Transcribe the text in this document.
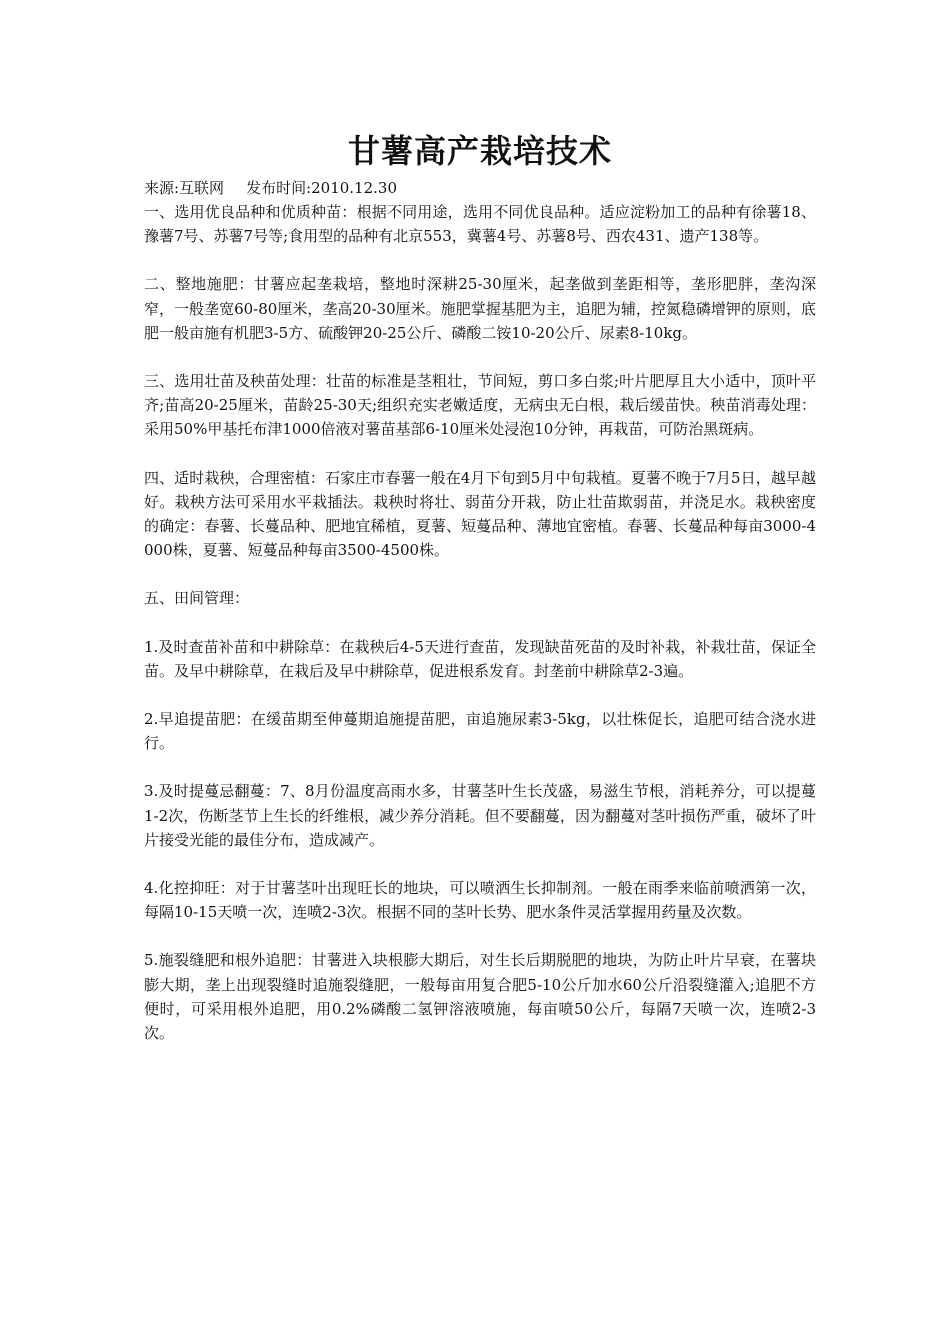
甘薯高产栽培技术

来源:互联网 发布时间:2010.12.30

一、选用优良品种和优质种苗：根据不同用途，选用不同优良品种。适应淀粉加工的品种有徐薯18、豫薯7号、苏薯7号等;食用型的品种有北京553，冀薯4号、苏薯8号、西农431、遗产138等。

二、整地施肥：甘薯应起垄栽培，整地时深耕25-30厘米，起垄做到垄距相等，垄形肥胖，垄沟深窄，一般垄宽60-80厘米，垄高20-30厘米。施肥掌握基肥为主，追肥为辅，控氮稳磷增钾的原则，底肥一般亩施有机肥3-5方、硫酸钾20-25公斤、磷酸二铵10-20公斤、尿素8-10kg。

三、选用壮苗及秧苗处理：壮苗的标准是茎粗壮，节间短，剪口多白浆;叶片肥厚且大小适中，顶叶平齐;苗高20-25厘米，苗龄25-30天;组织充实老嫩适度，无病虫无白根，栽后缓苗快。秧苗消毒处理：采用50%甲基托布津1000倍液对薯苗基部6-10厘米处浸泡10分钟，再栽苗，可防治黑斑病。

四、适时栽秧，合理密植：石家庄市春薯一般在4月下旬到5月中旬栽植。夏薯不晚于7月5日，越早越好。栽秧方法可采用水平栽插法。栽秧时将壮、弱苗分开栽，防止壮苗欺弱苗，并浇足水。栽秧密度的确定：春薯、长蔓品种、肥地宜稀植，夏薯、短蔓品种、薄地宜密植。春薯、长蔓品种每亩3000-4000株，夏薯、短蔓品种每亩3500-4500株。

五、田间管理：

1.及时查苗补苗和中耕除草：在栽秧后4-5天进行查苗，发现缺苗死苗的及时补栽，补栽壮苗，保证全苗。及早中耕除草，在栽后及早中耕除草，促进根系发育。封垄前中耕除草2-3遍。

2.早追提苗肥：在缓苗期至伸蔓期追施提苗肥，亩追施尿素3-5kg，以壮株促长，追肥可结合浇水进行。

3.及时提蔓忌翻蔓：7、8月份温度高雨水多，甘薯茎叶生长茂盛，易滋生节根，消耗养分，可以提蔓1-2次，伤断茎节上生长的纤维根，减少养分消耗。但不要翻蔓，因为翻蔓对茎叶损伤严重，破坏了叶片接受光能的最佳分布，造成减产。

4.化控抑旺：对于甘薯茎叶出现旺长的地块，可以喷洒生长抑制剂。一般在雨季来临前喷洒第一次，每隔10-15天喷一次，连喷2-3次。根据不同的茎叶长势、肥水条件灵活掌握用药量及次数。

5.施裂缝肥和根外追肥：甘薯进入块根膨大期后，对生长后期脱肥的地块，为防止叶片早衰，在薯块膨大期，垄上出现裂缝时追施裂缝肥，一般每亩用复合肥5-10公斤加水60公斤沿裂缝灌入;追肥不方便时，可采用根外追肥，用0.2%磷酸二氢钾溶液喷施，每亩喷50公斤，每隔7天喷一次，连喷2-3次。
